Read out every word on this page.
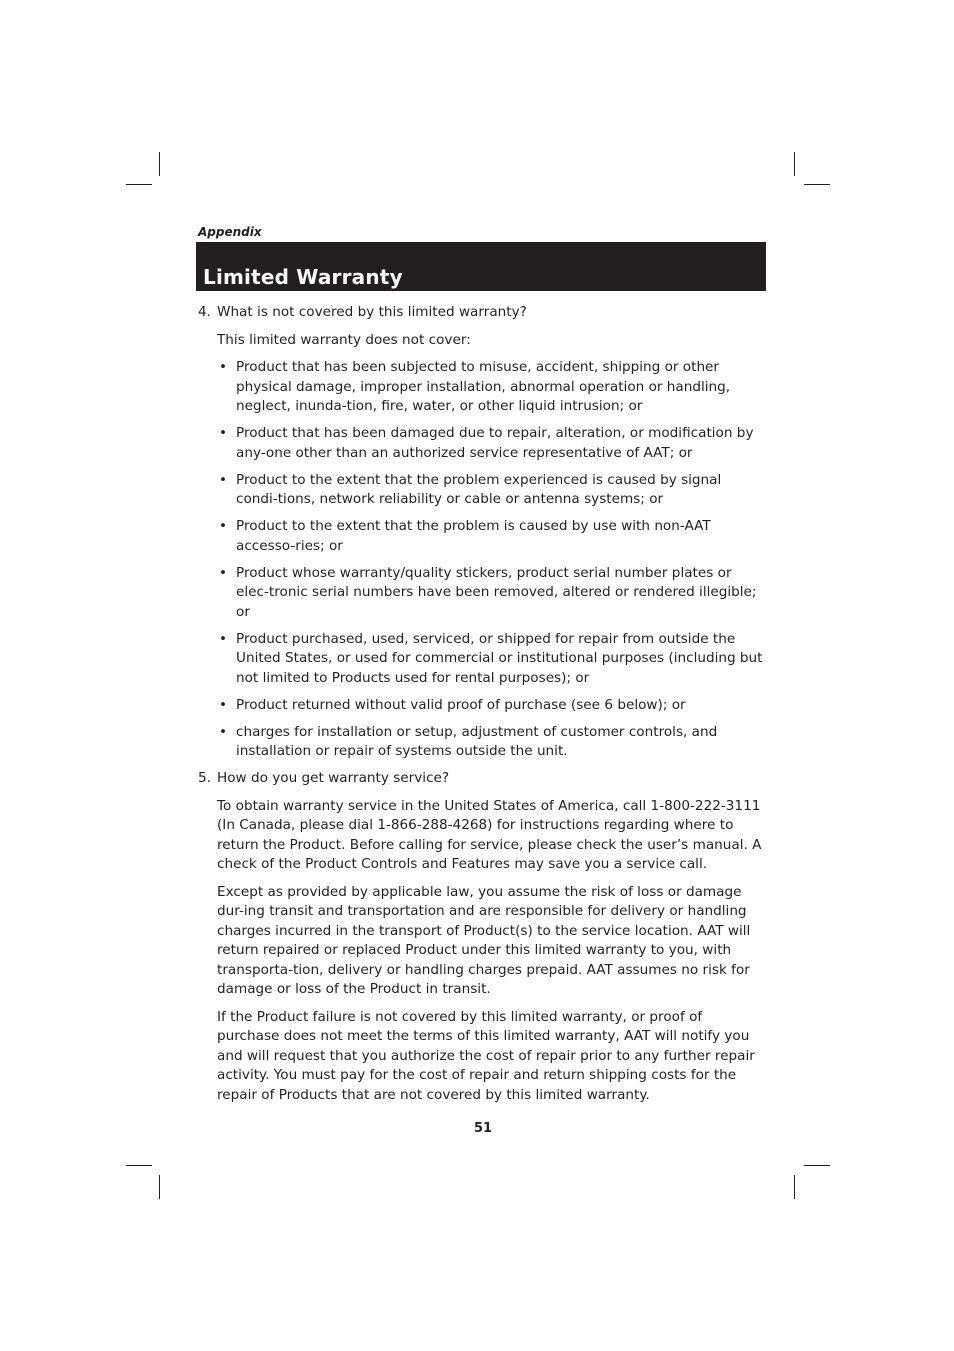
Appendix
Limited Warranty
4. What is not covered by this limited warranty?

This limited warranty does not cover:

• Product that has been subjected to misuse, accident, shipping or other physical damage, improper installation, abnormal operation or handling, neglect, inunda-tion, fire, water, or other liquid intrusion; or
• Product that has been damaged due to repair, alteration, or modification by any-one other than an authorized service representative of AAT; or
• Product to the extent that the problem experienced is caused by signal condi-tions, network reliability or cable or antenna systems; or
• Product to the extent that the problem is caused by use with non-AAT accesso-ries; or
• Product whose warranty/quality stickers, product serial number plates or elec-tronic serial numbers have been removed, altered or rendered illegible; or
• Product purchased, used, serviced, or shipped for repair from outside the United States, or used for commercial or institutional purposes (including but not limited to Products used for rental purposes); or
• Product returned without valid proof of purchase (see 6 below); or
• charges for installation or setup, adjustment of customer controls, and installation or repair of systems outside the unit.
5. How do you get warranty service?

To obtain warranty service in the United States of America, call 1-800-222-3111 (In Canada, please dial 1-866-288-4268) for instructions regarding where to return the Product. Before calling for service, please check the user’s manual. A check of the Product Controls and Features may save you a service call.

Except as provided by applicable law, you assume the risk of loss or damage dur-ing transit and transportation and are responsible for delivery or handling charges incurred in the transport of Product(s) to the service location. AAT will return repaired or replaced Product under this limited warranty to you, with transporta-tion, delivery or handling charges prepaid. AAT assumes no risk for damage or loss of the Product in transit.

If the Product failure is not covered by this limited warranty, or proof of purchase does not meet the terms of this limited warranty, AAT will notify you and will request that you authorize the cost of repair prior to any further repair activity. You must pay for the cost of repair and return shipping costs for the repair of Products that are not covered by this limited warranty.

51
